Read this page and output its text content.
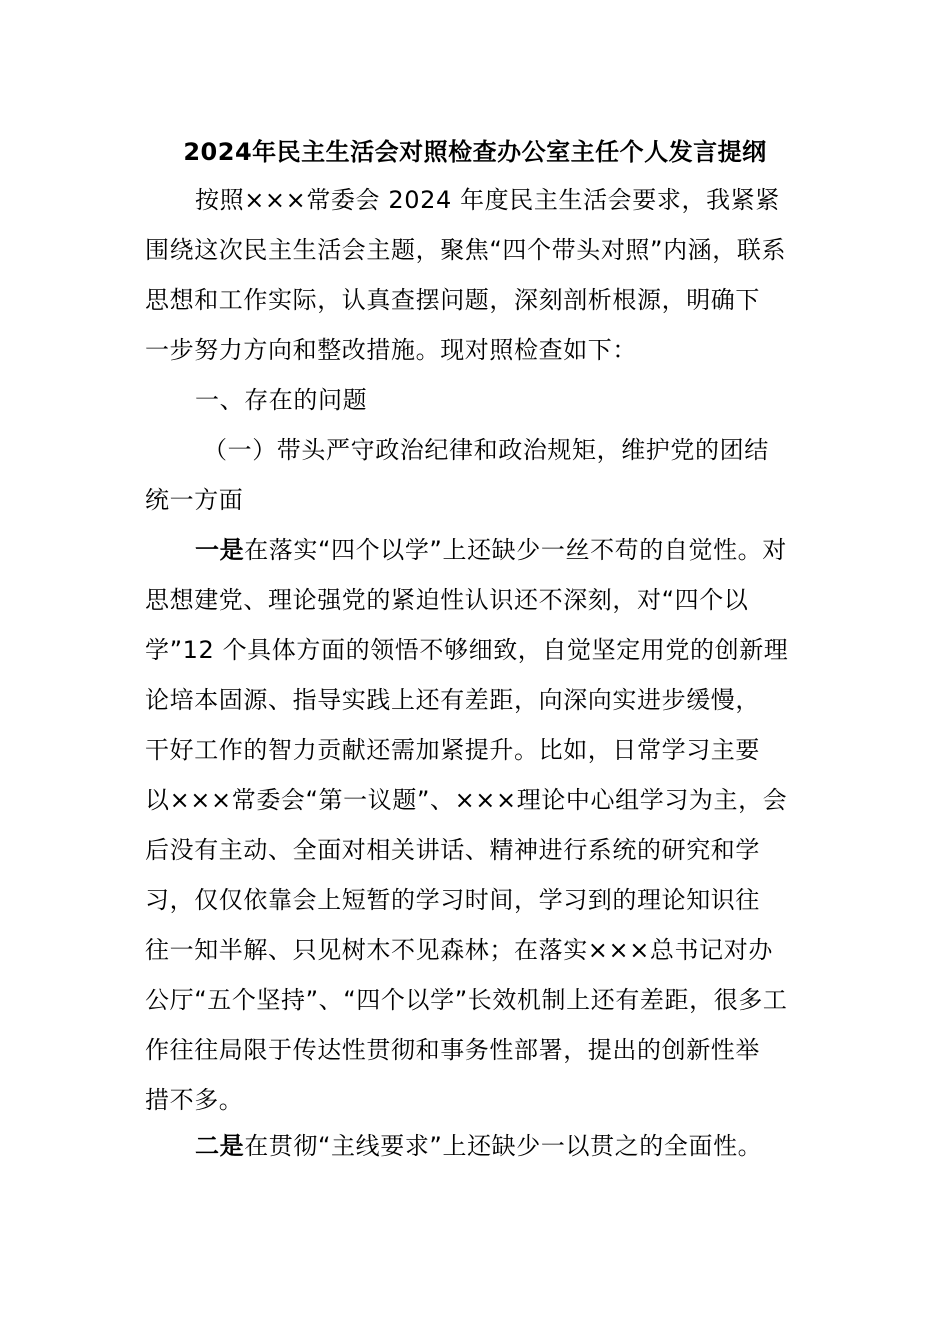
2024年民主生活会对照检查办公室主任个人发言提纲
按照×××常委会 2024 年度民主生活会要求，我紧紧
围绕这次民主生活会主题，聚焦“四个带头对照”内涵，联系
思想和工作实际，认真查摆问题，深刻剖析根源，明确下
一步努力方向和整改措施。现对照检查如下：
一、存在的问题
（一）带头严守政治纪律和政治规矩，维护党的团结
统一方面
一是在落实“四个以学”上还缺少一丝不苟的自觉性。对
思想建党、理论强党的紧迫性认识还不深刻，对“四个以
学”12 个具体方面的领悟不够细致，自觉坚定用党的创新理
论培本固源、指导实践上还有差距，向深向实进步缓慢，
干好工作的智力贡献还需加紧提升。比如，日常学习主要
以×××常委会“第一议题”、×××理论中心组学习为主，会
后没有主动、全面对相关讲话、精神进行系统的研究和学
习，仅仅依靠会上短暂的学习时间，学习到的理论知识往
往一知半解、只见树木不见森林；在落实×××总书记对办
公厅“五个坚持”、“四个以学”长效机制上还有差距，很多工
作往往局限于传达性贯彻和事务性部署，提出的创新性举
措不多。
二是在贯彻“主线要求”上还缺少一以贯之的全面性。
